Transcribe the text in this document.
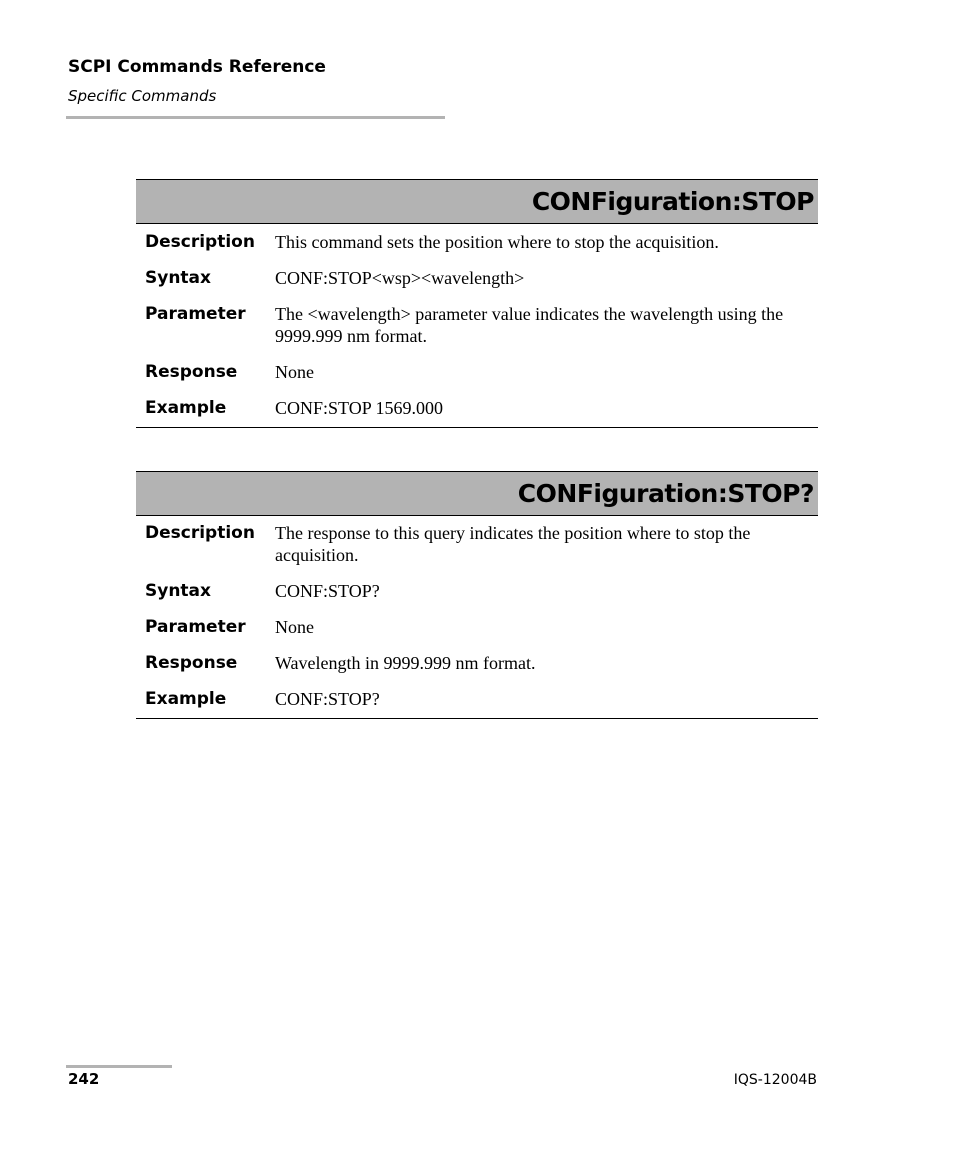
SCPI Commands Reference
Specific Commands
CONFiguration:STOP
Description	This command sets the position where to stop the acquisition.
Syntax	CONF:STOP<wsp><wavelength>
Parameter	The <wavelength> parameter value indicates the wavelength using the 9999.999 nm format.
Response	None
Example	CONF:STOP 1569.000
CONFiguration:STOP?
Description	The response to this query indicates the position where to stop the acquisition.
Syntax	CONF:STOP?
Parameter	None
Response	Wavelength in 9999.999 nm format.
Example	CONF:STOP?
242	IQS-12004B
